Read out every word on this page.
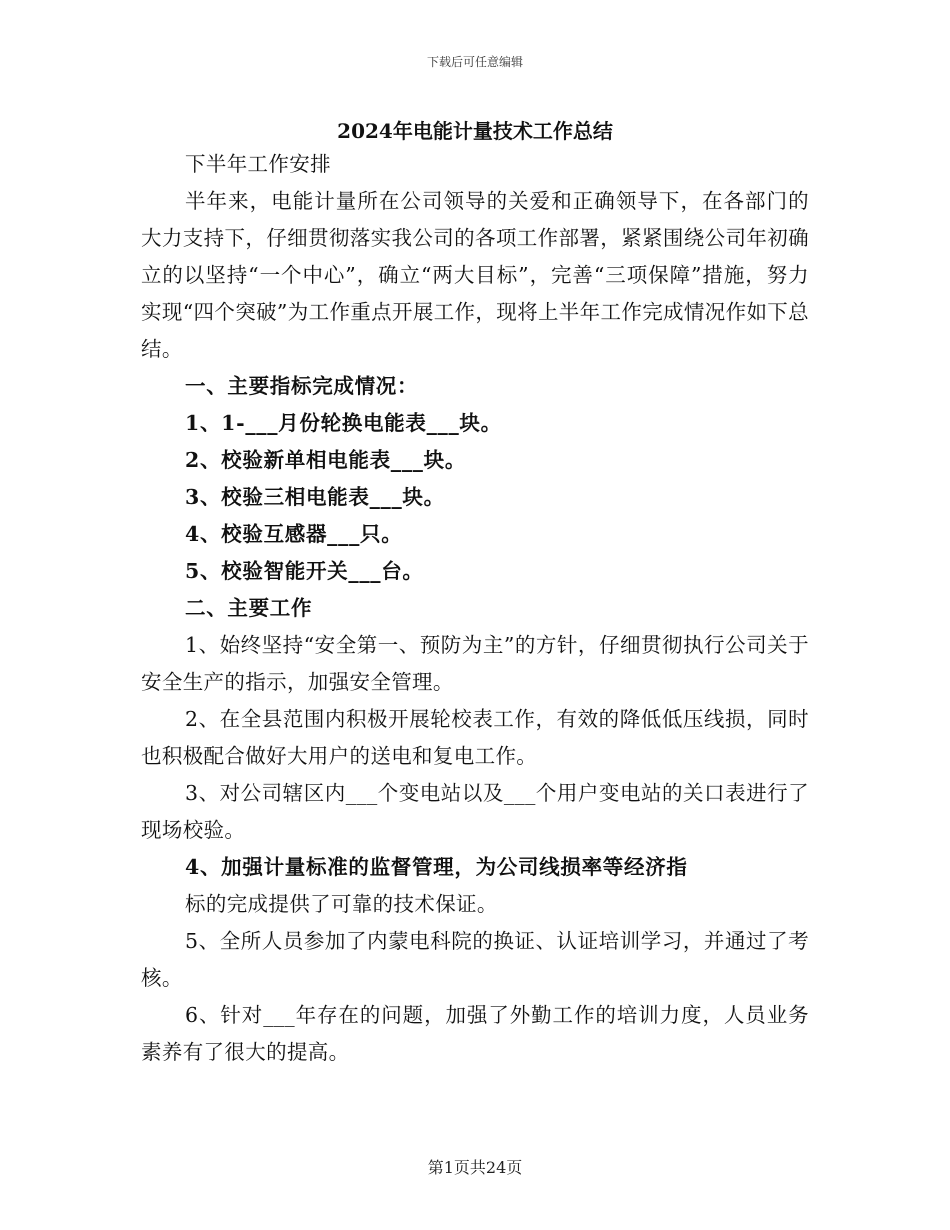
下载后可任意编辑
2024年电能计量技术工作总结

下半年工作安排

半年来，电能计量所在公司领导的关爱和正确领导下，在各部门的大力支持下，仔细贯彻落实我公司的各项工作部署，紧紧围绕公司年初确立的以坚持“一个中心”，确立“两大目标”，完善“三项保障”措施，努力实现“四个突破”为工作重点开展工作，现将上半年工作完成情况作如下总结。

一、主要指标完成情况：

1、1-___月份轮换电能表___块。

2、校验新单相电能表___块。

3、校验三相电能表___块。

4、校验互感器___只。

5、校验智能开关___台。

二、主要工作

1、始终坚持“安全第一、预防为主”的方针，仔细贯彻执行公司关于安全生产的指示，加强安全管理。

2、在全县范围内积极开展轮校表工作，有效的降低低压线损，同时也积极配合做好大用户的送电和复电工作。

3、对公司辖区内___个变电站以及___个用户变电站的关口表进行了现场校验。

4、加强计量标准的监督管理，为公司线损率等经济指

标的完成提供了可靠的技术保证。

5、全所人员参加了内蒙电科院的换证、认证培训学习，并通过了考核。

6、针对___年存在的问题，加强了外勤工作的培训力度，人员业务素养有了很大的提高。

第1页共24页
